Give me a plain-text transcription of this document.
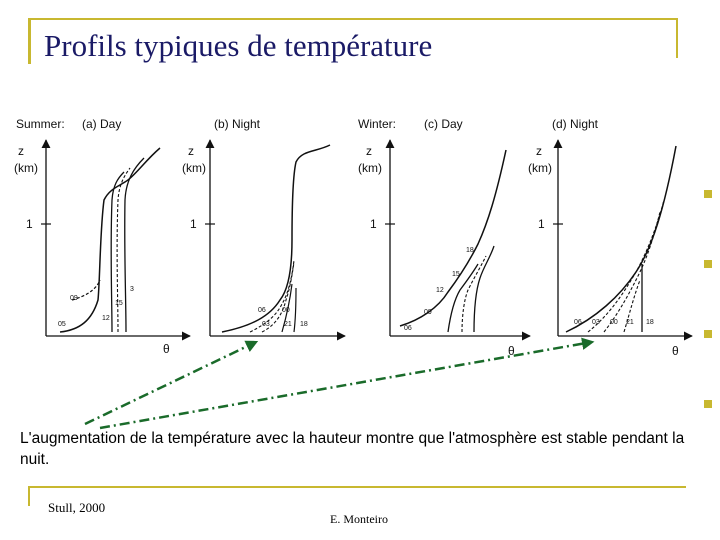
Profils typiques de température
Summer: (a) Day	(b) Night	Winter: (c) Day	(d) Night
z
(km)
1
θ
09
05
15
12
3
z
(km)
1
06 00
03 21 18
z
(km)
1
θ
18
15
12
09
06
z
(km)
1
θ
06 03 00 21 18
L'augmentation de la température avec la hauteur montre que l'atmosphère est stable pendant la nuit.
Stull, 2000
E. Monteiro
